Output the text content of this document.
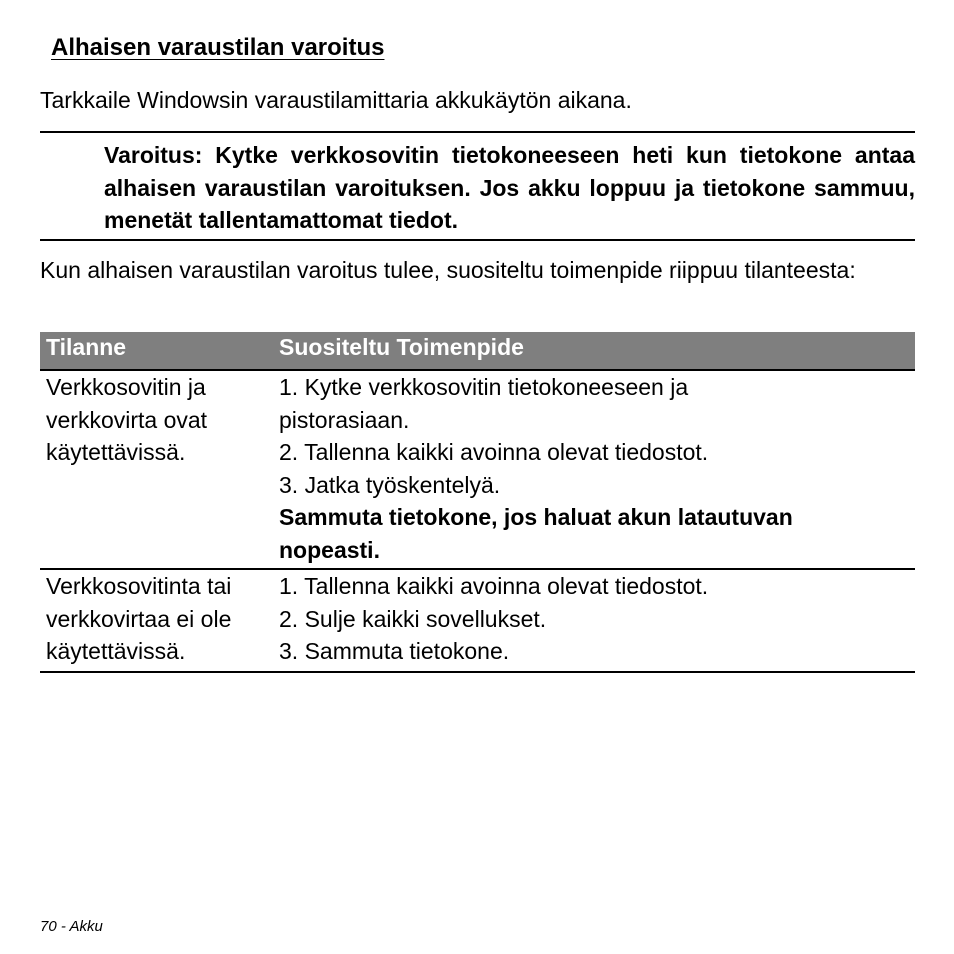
Alhaisen varaustilan varoitus

Tarkkaile Windowsin varaustilamittaria akkukäytön aikana.

Varoitus: Kytke verkkosovitin tietokoneeseen heti kun tietokone antaa alhaisen varaustilan varoituksen. Jos akku loppuu ja tietokone sammuu, menetät tallentamattomat tiedot.

Kun alhaisen varaustilan varoitus tulee, suositeltu toimenpide riippuu tilanteesta:

Tilanne	Suositeltu Toimenpide
Verkkosovitin ja
verkkovirta ovat
käytettävissä.
1. Kytke verkkosovitin tietokoneeseen ja
pistorasiaan.
2. Tallenna kaikki avoinna olevat tiedostot.
3. Jatka työskentelyä.
Sammuta tietokone, jos haluat akun latautuvan
nopeasti.
Verkkosovitinta tai
verkkovirtaa ei ole
käytettävissä.
1. Tallenna kaikki avoinna olevat tiedostot.
2. Sulje kaikki sovellukset.
3. Sammuta tietokone.

70 - Akku
